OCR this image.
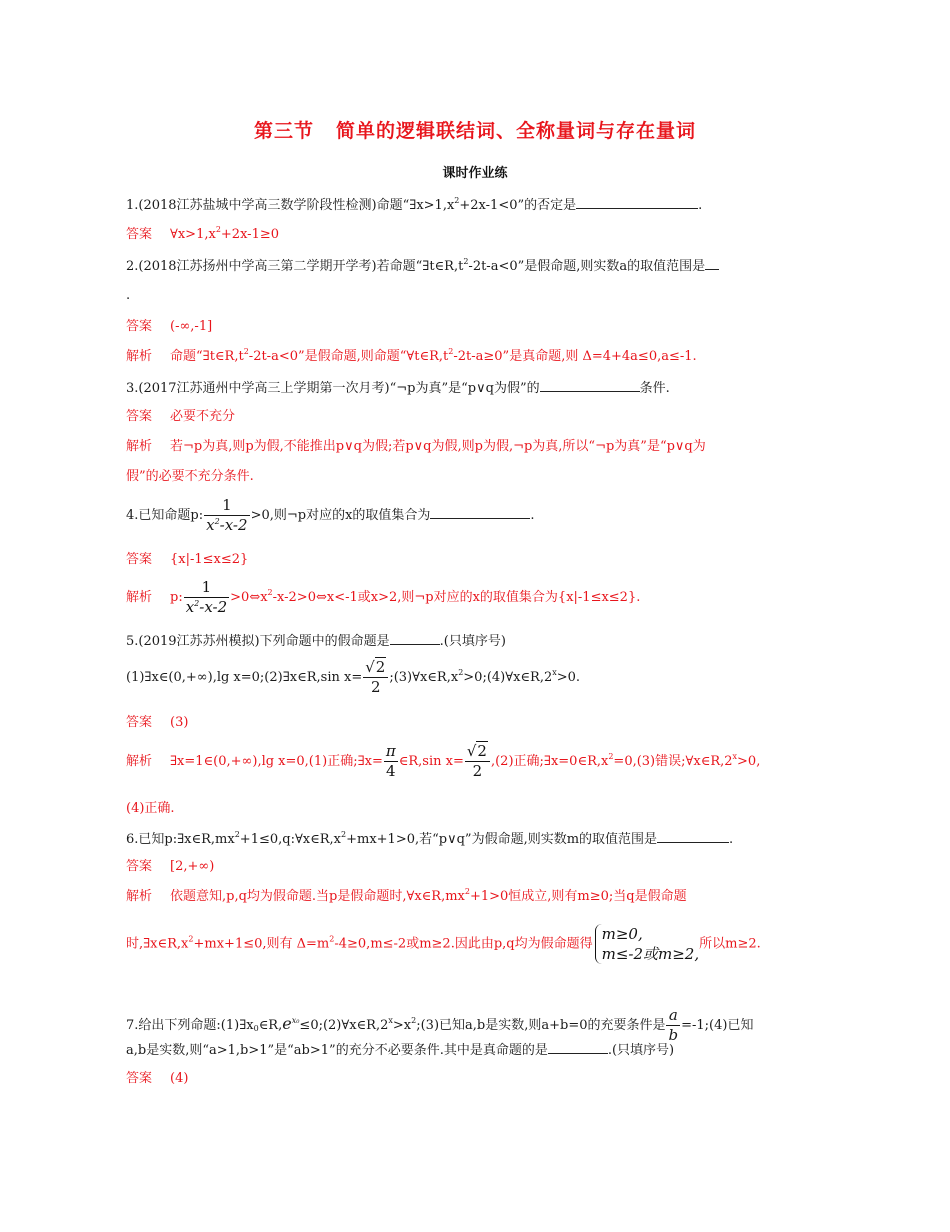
第三节 简单的逻辑联结词、全称量词与存在量词
课时作业练
1.(2018江苏盐城中学高三数学阶段性检测)命题“$\exists x>1,x^2+2x-1<0$”的否定是	.
答案 $\forall x>1,x^2+2x-1\ge 0$
2.(2018江苏扬州中学高三第二学期开学考)若命题“$\exists t\in R,t^2-2t-a<0$”是假命题,则实数a的取值范围是
.
答案 (-∞,-1]
解析 命题“$\exists t\in R,t^2-2t-a<0$”是假命题,则命题“$\forall t\in R,t^2-2t-a\ge 0$”是真命题,则 Δ=4+4a≤0,a≤-1.
3.(2017江苏通州中学高三上学期第一次月考)“¬p为真”是“p∨q为假”的	条件.
答案 必要不充分
解析 若¬p为真,则p为假,不能推出p∨q为假;若p∨q为假,则p为假,¬p为真,所以“¬p为真”是“p∨q为
假”的必要不充分条件.
4.已知命题p: $\frac{1}{x^2-x-2} >0$,则¬p对应的x的取值集合为	.
答案 {x|-1≤x≤2}
解析 p: $\frac{1}{x^2-x-2}$ $>0\Leftrightarrow x^2-x-2>0\Leftrightarrow x<-1$或x>2,则¬p对应的x的取值集合为{x|-1≤x≤2}.
5.(2019江苏苏州模拟)下列命题中的假命题是	.(只填序号)
(1)∃x∈(0,+∞),lg x=0;(2)∃x∈R,sin $x= \frac{√2}{2}$ $;(3)\forall x\in R,x^2>0;(4)\forall x\in R,2^x>0$.
答案 (3)
解析 ∃x=1∈(0,+∞),lg x=0,(1)正确;∃x= $\frac{\pi}{4}$ ∈R,sin $x= \frac{√2}{2} ,(2)$正确$;\exists x=0\in R,x^2=0,(3)$错误$;\forall x\in R,2^x>0$,
(4)正确.
6.已知$p:\exists x\in R,mx^2+1\le 0,q:\forall x\in R,x^2+mx+1>0$,若“p∨q”为假命题,则实数m的取值范围是	.
答案 [2,+∞)
解析 依题意知,p,q均为假命题.当p是假命题时$,\forall x\in R,mx^2+1>0$恒成立,则有m≥0;当q是假命题
时$,\exists x\in R,x^2+mx+1\le 0$,则有 $\Delta=m^2-4\ge 0,m\le-2$或m≥2.因此由p,q均为假命题得
m≥0,
m≤-2或m≥2,
所以m≥2.
7.给出下列命题$:(1)\exists x_0\in R,e^{x_0}\le 0;(2)\forall x\in R,2^x>x^2;(3)$已知a,b是实数,则a+b=0的充要条件是 $\frac{a}{b}$ =-1;(4)已知
a,b是实数,则“a>1,b>1”是“ab>1”的充分不必要条件.其中是真命题的是	.(只填序号)
答案 (4)
